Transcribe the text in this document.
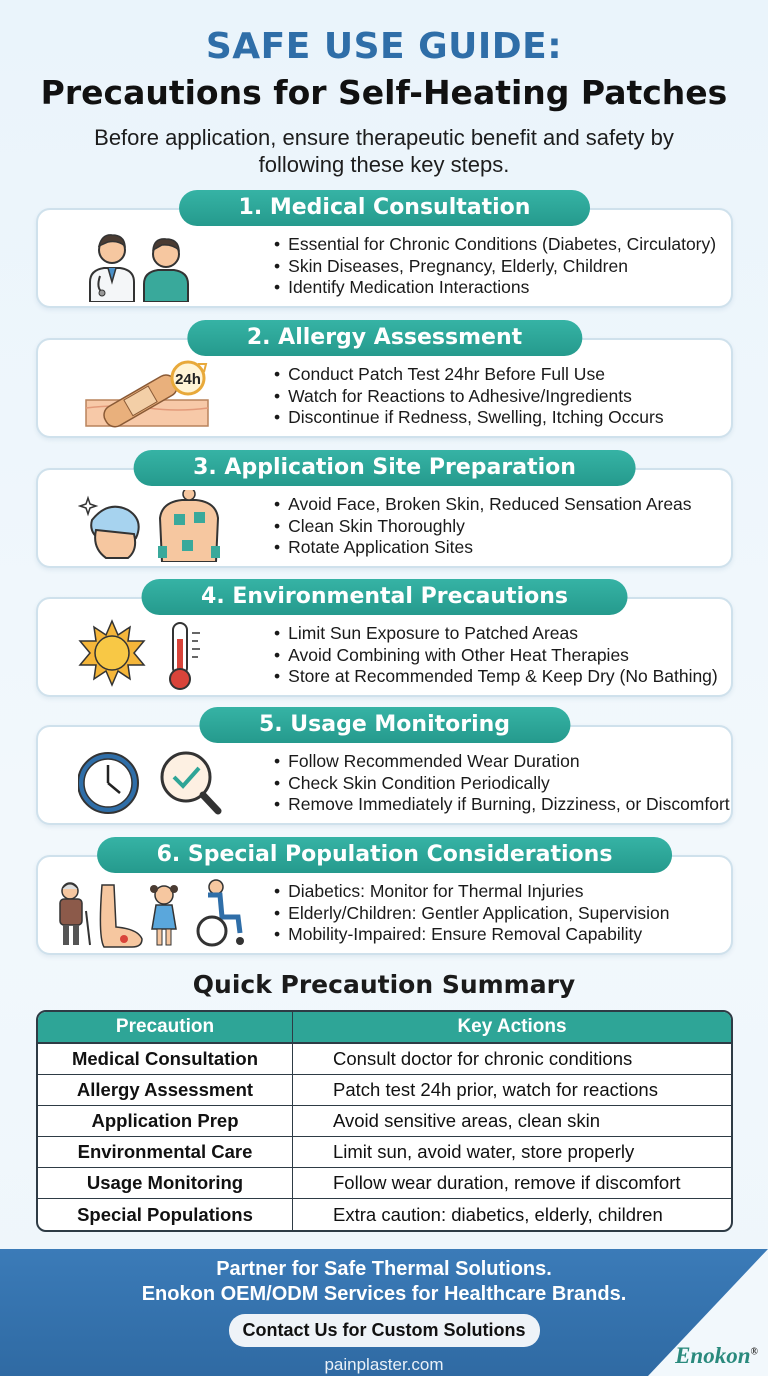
SAFE USE GUIDE:
Precautions for Self-Heating Patches
Before application, ensure therapeutic benefit and safety by following these key steps.
• Essential for Chronic Conditions (Diabetes, Circulatory)
• Skin Diseases, Pregnancy, Elderly, Children
• Identify Medication Interactions
1. Medical Consultation
24h	• Conduct Patch Test 24hr Before Full Use
• Watch for Reactions to Adhesive/Ingredients
• Discontinue if Redness, Swelling, Itching Occurs
2. Allergy Assessment
• Avoid Face, Broken Skin, Reduced Sensation Areas
• Clean Skin Thoroughly
• Rotate Application Sites
3. Application Site Preparation
• Limit Sun Exposure to Patched Areas
• Avoid Combining with Other Heat Therapies
• Store at Recommended Temp & Keep Dry (No Bathing)
4. Environmental Precautions
• Follow Recommended Wear Duration
• Check Skin Condition Periodically
• Remove Immediately if Burning, Dizziness, or Discomfort
5. Usage Monitoring
• Diabetics: Monitor for Thermal Injuries
• Elderly/Children: Gentler Application, Supervision
• Mobility-Impaired: Ensure Removal Capability
6. Special Population Considerations
Quick Precaution Summary
Precaution	Key Actions
Medical Consultation	Consult doctor for chronic conditions
Allergy Assessment	Patch test 24h prior, watch for reactions
Application Prep	Avoid sensitive areas, clean skin
Environmental Care	Limit sun, avoid water, store properly
Usage Monitoring	Follow wear duration, remove if discomfort
Special Populations	Extra caution: diabetics, elderly, children
Partner for Safe Thermal Solutions.
Enokon OEM/ODM Services for Healthcare Brands.
Contact Us for Custom Solutions
painplaster.com	Enokon®
